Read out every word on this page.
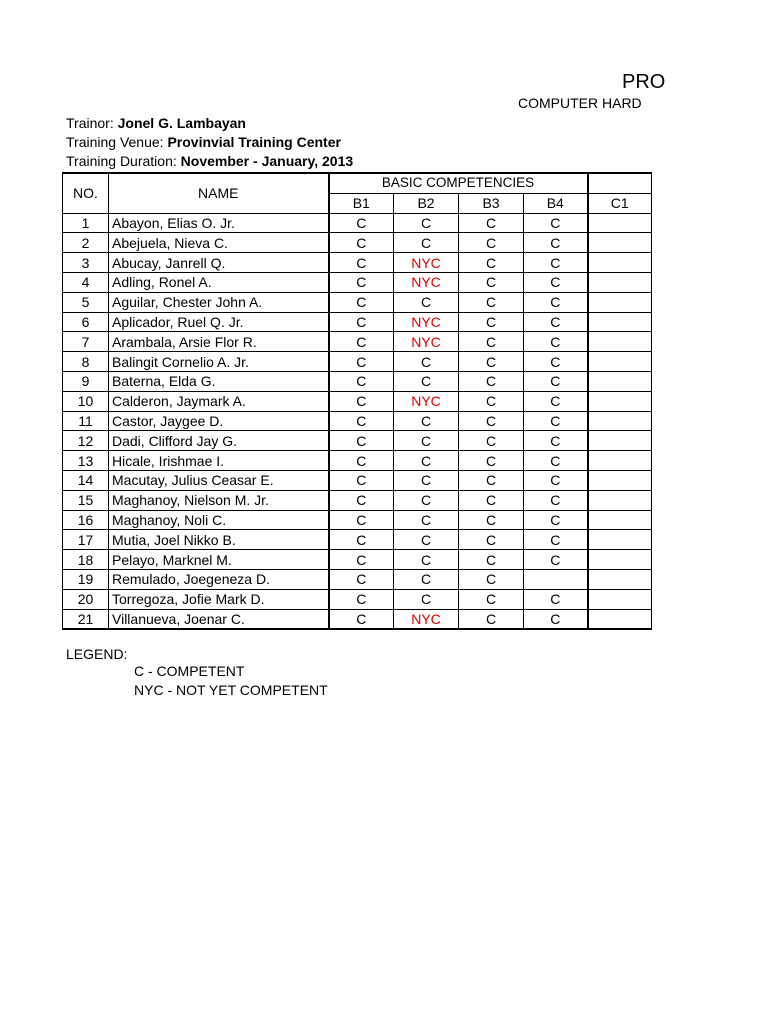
PRO
COMPUTER HARD
Trainor: Jonel G. Lambayan
Training Venue: Provinvial Training Center
Training Duration: November - January, 2013
NO.	NAME	BASIC COMPETENCIES				
		B1	B2	B3	B4	C1
1	Abayon, Elias O. Jr.	C	C	C	C	
2	Abejuela, Nieva C.	C	C	C	C	
3	Abucay, Janrell Q.	C	NYC	C	C	
4	Adling, Ronel A.	C	NYC	C	C	
5	Aguilar, Chester John A.	C	C	C	C	
6	Aplicador, Ruel Q. Jr.	C	NYC	C	C	
7	Arambala, Arsie Flor R.	C	NYC	C	C	
8	Balingit Cornelio A. Jr.	C	C	C	C	
9	Baterna, Elda G.	C	C	C	C	
10	Calderon, Jaymark A.	C	NYC	C	C	
11	Castor, Jaygee D.	C	C	C	C	
12	Dadi, Clifford Jay G.	C	C	C	C	
13	Hicale, Irishmae I.	C	C	C	C	
14	Macutay, Julius Ceasar E.	C	C	C	C	
15	Maghanoy, Nielson M. Jr.	C	C	C	C	
16	Maghanoy, Noli C.	C	C	C	C	
17	Mutia, Joel Nikko B.	C	C	C	C	
18	Pelayo, Marknel M.	C	C	C	C	
19	Remulado, Joegeneza D.	C	C	C		
20	Torregoza, Jofie Mark D.	C	C	C	C	
21	Villanueva, Joenar C.	C	NYC	C	C	
LEGEND:
C - COMPETENT
NYC - NOT YET COMPETENT
